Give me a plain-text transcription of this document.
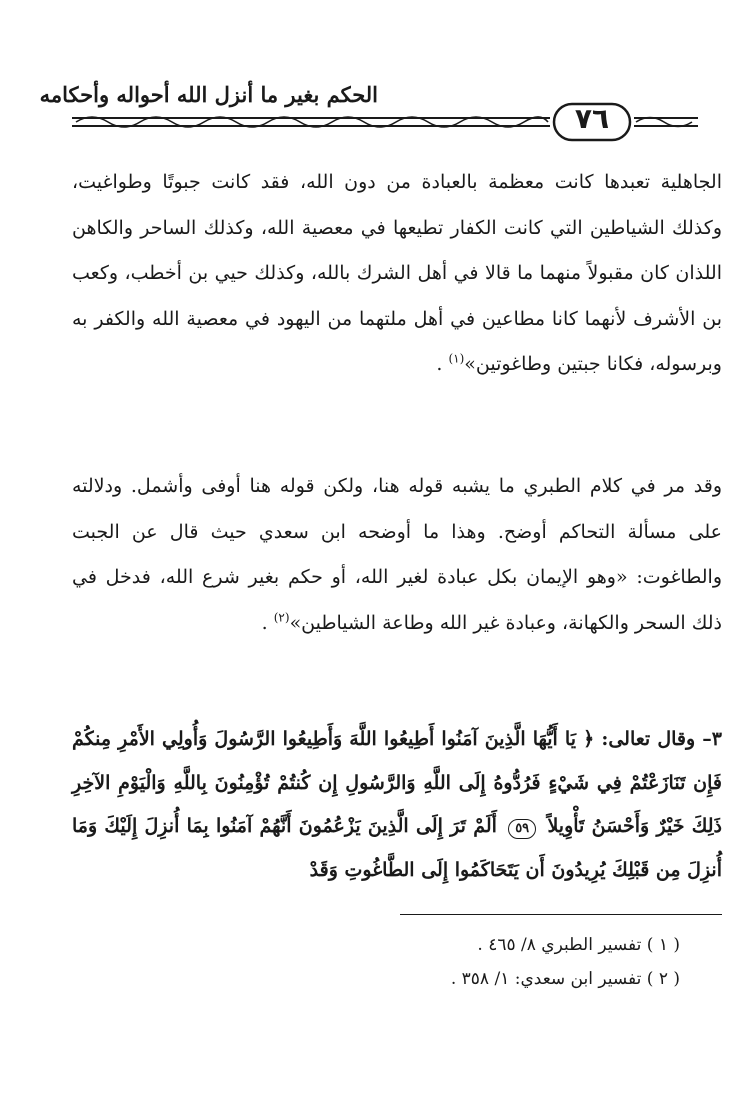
الحكم بغير ما أنزل الله أحواله وأحكامه
٧٦
الجاهلية تعبدها كانت معظمة بالعبادة من دون الله، فقد كانت جبوتًا وطواغيت، وكذلك الشياطين التي كانت الكفار تطيعها في معصية الله، وكذلك الساحر والكاهن اللذان كان مقبولاً منهما ما قالا في أهل الشرك بالله، وكذلك حيي بن أخطب، وكعب بن الأشرف لأنهما كانا مطاعين في أهل ملتهما من اليهود في معصية الله والكفر به وبرسوله، فكانا جبتين وطاغوتين»$^{(١)}$ .
وقد مر في كلام الطبري ما يشبه قوله هنا، ولكن قوله هنا أوفى وأشمل. ودلالته على مسألة التحاكم أوضح. وهذا ما أوضحه ابن سعدي حيث قال عن الجبت والطاغوت: «وهو الإيمان بكل عبادة لغير الله، أو حكم بغير شرع الله، فدخل في ذلك السحر والكهانة، وعبادة غير الله وطاعة الشياطين»$^{(٢)}$ .
٣– وقال تعالى: ﴿ يَا أَيُّهَا الَّذِينَ آمَنُوا أَطِيعُوا اللَّهَ وَأَطِيعُوا الرَّسُولَ وَأُولِي الأَمْرِ مِنكُمْ فَإِن تَنَازَعْتُمْ فِي شَيْءٍ فَرُدُّوهُ إِلَى اللَّهِ وَالرَّسُولِ إِن كُنتُمْ تُؤْمِنُونَ بِاللَّهِ وَالْيَوْمِ الآخِرِ ذَلِكَ خَيْرٌ وَأَحْسَنُ تَأْوِيلاً ٥٩ أَلَمْ تَرَ إِلَى الَّذِينَ يَزْعُمُونَ أَنَّهُمْ آمَنُوا بِمَا أُنزِلَ إِلَيْكَ وَمَا أُنزِلَ مِن قَبْلِكَ يُرِيدُونَ أَن يَتَحَاكَمُوا إِلَى الطَّاغُوتِ وَقَدْ
( ١ ) تفسير الطبري ٨/ ٤٦٥ .
( ٢ ) تفسير ابن سعدي: ١/ ٣٥٨ .
